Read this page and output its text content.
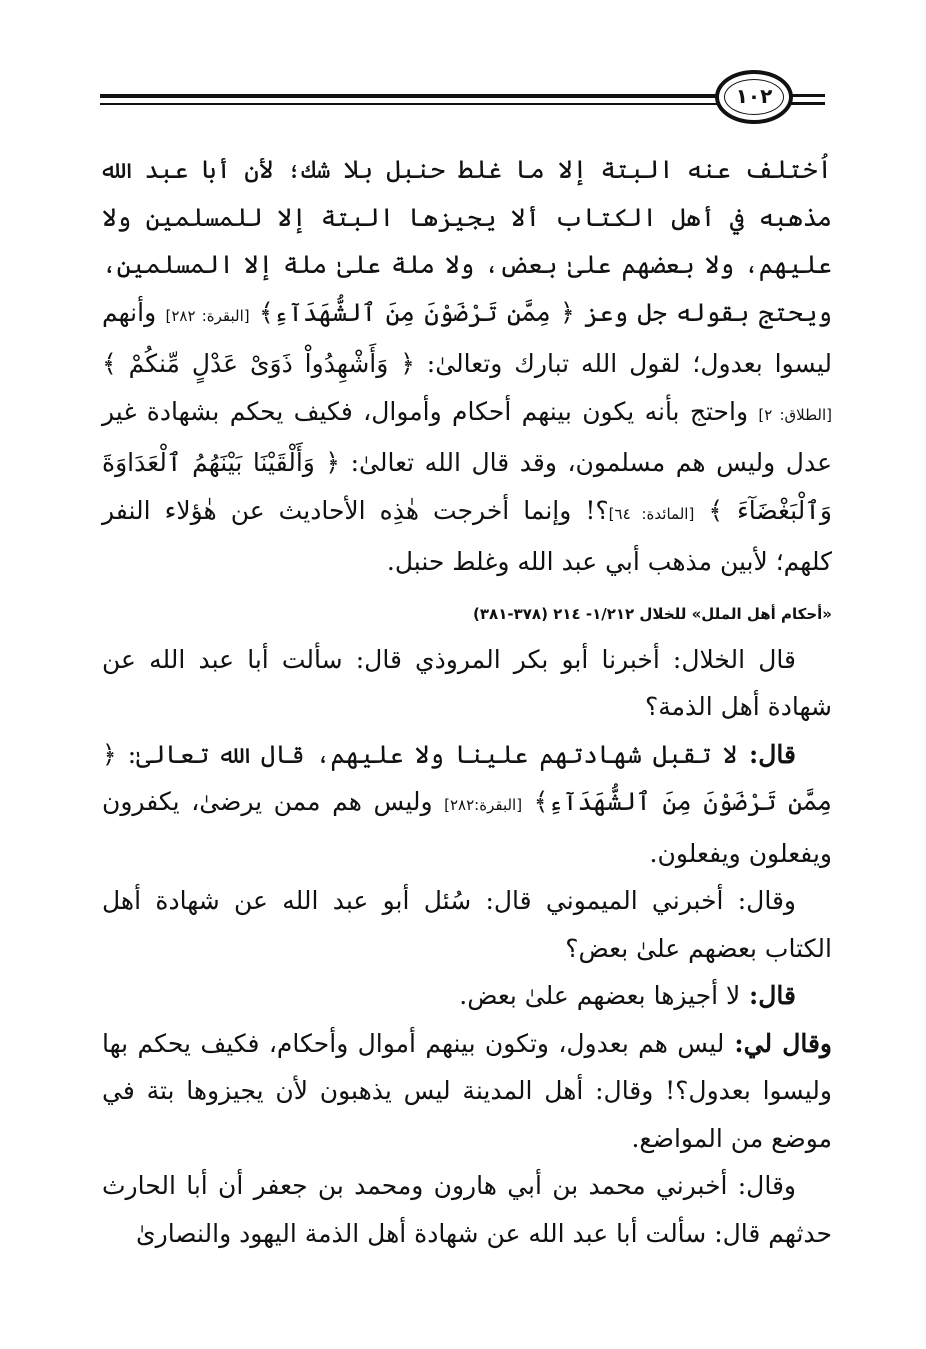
١٠٢

اُختلف عنه البتة إلا ما غلط حنبل بلا شك؛ لأن أبا عبد الله مذهبه في أهل الكتاب ألا يجيزها البتة إلا للمسلمين ولا عليهم، ولا بعضهم علىٰ بعض، ولا ملة علىٰ ملة إلا المسلمين، ويحتج بقوله جل وعز ﴿ مِمَّن تَرْضَوْنَ مِنَ ٱلشُّهَدَآءِ﴾ [البقرة: ٢٨٢] وأنهم ليسوا بعدول؛ لقول الله تبارك وتعالىٰ: ﴿ وَأَشْهِدُواْ ذَوَىْ عَدْلٍ مِّنكُمْ ﴾ [الطلاق: ٢] واحتج بأنه يكون بينهم أحكام وأموال، فكيف يحكم بشهادة غير عدل وليس هم مسلمون، وقد قال الله تعالىٰ: ﴿ وَأَلْقَيْنَا بَيْنَهُمُ ٱلْعَدَاوَةَ وَٱلْبَغْضَآءَ ﴾ [المائدة: ٦٤]؟! وإنما أخرجت هٰذِه الأحاديث عن هٰؤلاء النفر كلهم؛ لأبين مذهب أبي عبد الله وغلط حنبل.

«أحكام أهل الملل» للخلال ١/٢١٢- ٢١٤ (٣٧٨-٣٨١)

قال الخلال: أخبرنا أبو بكر المروذي قال: سألت أبا عبد الله عن شهادة أهل الذمة؟

قال: لا تقبل شهادتهم علينا ولا عليهم، قال الله تعالىٰ: ﴿ مِمَّن تَرْضَوْنَ مِنَ ٱلشُّهَدَآءِ﴾ [البقرة:٢٨٢] وليس هم ممن يرضىٰ، يكفرون ويفعلون ويفعلون.

وقال: أخبرني الميموني قال: سُئل أبو عبد الله عن شهادة أهل الكتاب بعضهم علىٰ بعض؟

قال: لا أجيزها بعضهم علىٰ بعض.

وقال لي: ليس هم بعدول، وتكون بينهم أموال وأحكام، فكيف يحكم بها وليسوا بعدول؟! وقال: أهل المدينة ليس يذهبون لأن يجيزوها بتة في موضع من المواضع.

وقال: أخبرني محمد بن أبي هارون ومحمد بن جعفر أن أبا الحارث حدثهم قال: سألت أبا عبد الله عن شهادة أهل الذمة اليهود والنصارىٰ
